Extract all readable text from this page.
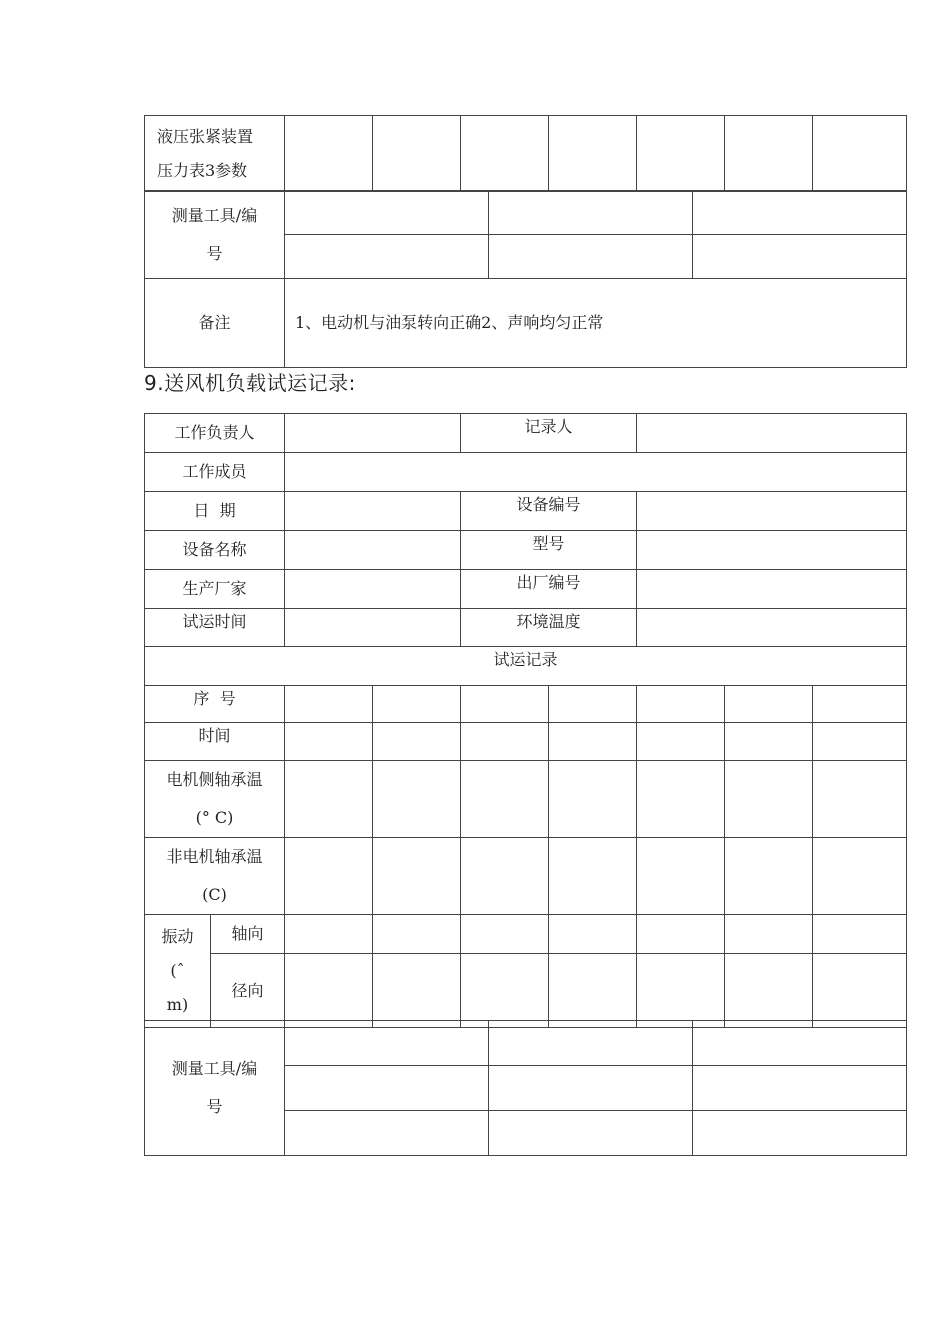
液压张紧装置
压力表3参数

测量工具/编
号			

备注	1、电动机与油泵转向正确2、声响均匀正常		
9.送风机负载试运记录:
工作负责人				记录人				
工作成员								
日  期				设备编号				
设备名称				型号				
生产厂家				出厂编号				
试运时间				环境温度				
试运记录								
序  号								
时间								

电机侧轴承温
(° C)								

非电机轴承温
(C)								

振动
(ˆ
m)	轴向							
	径向							
测量工具/编
号			
